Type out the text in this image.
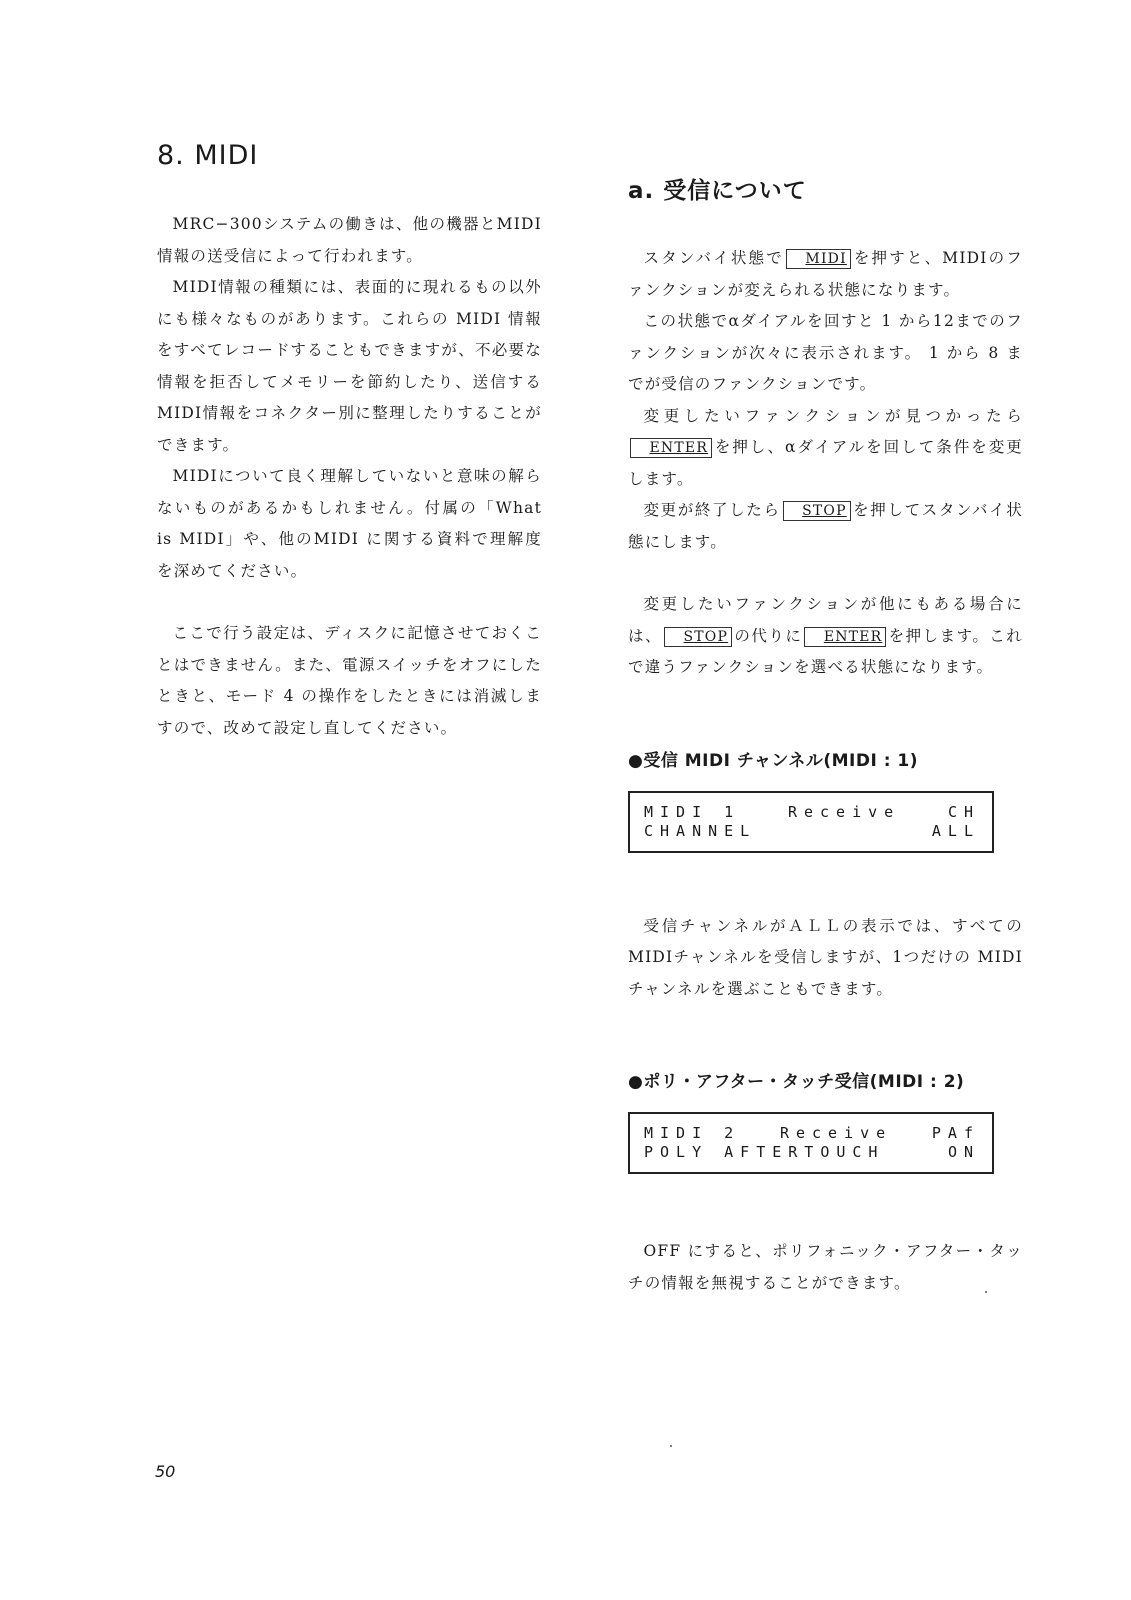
8. MIDI

MRC−300システムの働きは、他の機器とMIDI情報の送受信によって行われます。

MIDI情報の種類には、表面的に現れるもの以外にも様々なものがあります。これらの MIDI 情報をすべてレコードすることもできますが、不必要な情報を拒否してメモリーを節約したり、送信するMIDI情報をコネクター別に整理したりすることができます。

MIDIについて良く理解していないと意味の解らないものがあるかもしれません。付属の「What is MIDI」や、他のMIDI に関する資料で理解度を深めてください。

ここで行う設定は、ディスクに記憶させておくことはできません。また、電源スイッチをオフにしたときと、モード 4 の操作をしたときには消滅しますので、改めて設定し直してください。

a. 受信について

スタンバイ状態で MIDI を押すと、MIDIのファンクションが変えられる状態になります。

この状態でαダイアルを回すと 1 から12までのファンクションが次々に表示されます。 1 から 8 までが受信のファンクションです。

変更したいファンクションが見つかったらENTER を押し、αダイアルを回して条件を変更します。

変更が終了したら STOP を押してスタンバイ状態にします。

変更したいファンクションが他にもある場合には、 STOP の代りに ENTER を押します。これで違うファンクションを選べる状態になります。

●受信 MIDI チャンネル(MIDI : 1)
MIDI 1	Receive	CH
CHANNEL	ALL

受信チャンネルがＡＬＬの表示では、すべてのMIDIチャンネルを受信しますが、1つだけの MIDIチャンネルを選ぶこともできます。

●ポリ・アフター・タッチ受信(MIDI : 2)
MIDI 2	Receive	PAf
POLY AFTERTOUCH	ON

OFF にすると、ポリフォニック・アフター・タッチの情報を無視することができます。

50
